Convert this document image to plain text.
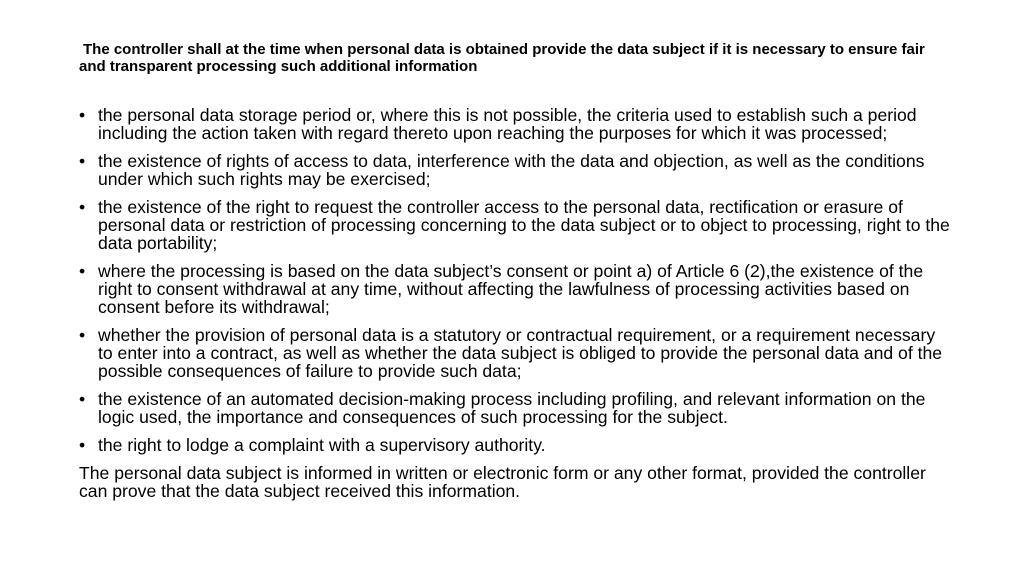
The controller shall at the time when personal data is obtained provide the data subject if it is necessary to ensure fair and transparent processing such additional information
• the personal data storage period or, where this is not possible, the criteria used to establish such a period including the action taken with regard thereto upon reaching the purposes for which it was processed;
• the existence of rights of access to data, interference with the data and objection, as well as the conditions under which such rights may be exercised;
• the existence of the right to request the controller access to the personal data, rectification or erasure of personal data or restriction of processing concerning to the data subject or to object to processing, right to the data portability;
• where the processing is based on the data subject’s consent or point a) of Article 6 (2),the existence of the right to consent withdrawal at any time, without affecting the lawfulness of processing activities based on consent before its withdrawal;
• whether the provision of personal data is a statutory or contractual requirement, or a requirement necessary to enter into a contract, as well as whether the data subject is obliged to provide the personal data and of the possible consequences of failure to provide such data;
• the existence of an automated decision-making process including profiling, and relevant information on the logic used, the importance and consequences of such processing for the subject.
• the right to lodge a complaint with a supervisory authority.
The personal data subject is informed in written or electronic form or any other format, provided the controller can prove that the data subject received this information.
